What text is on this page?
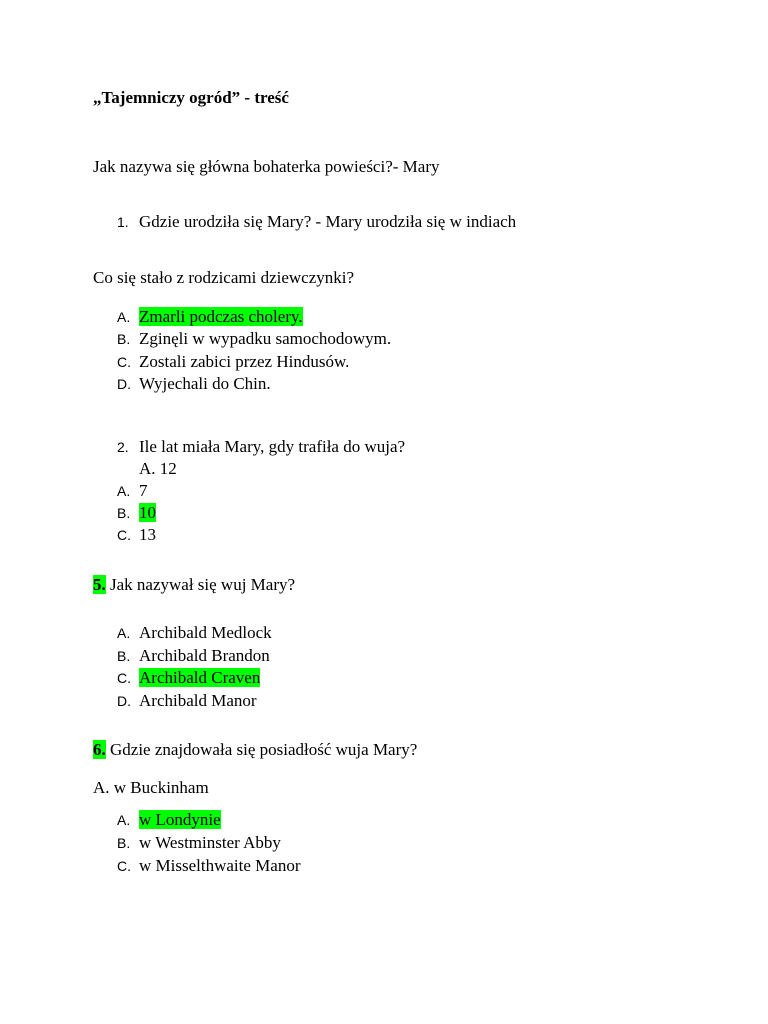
„Tajemniczy ogród” - treść
Jak nazywa się główna bohaterka powieści?- Mary
1. Gdzie urodziła się Mary? - Mary urodziła się w indiach
Co się stało z rodzicami dziewczynki?
A. Zmarli podczas cholery.
B. Zginęli w wypadku samochodowym.
C. Zostali zabici przez Hindusów.
D. Wyjechali do Chin.
2. Ile lat miała Mary, gdy trafiła do wuja?
A. 12
A. 7
B. 10
C. 13
5. Jak nazywał się wuj Mary?
A. Archibald Medlock
B. Archibald Brandon
C. Archibald Craven
D. Archibald Manor
6. Gdzie znajdowała się posiadłość wuja Mary?
A. w Buckinham
A. w Londynie
B. w Westminster Abby
C. w Misselthwaite Manor
